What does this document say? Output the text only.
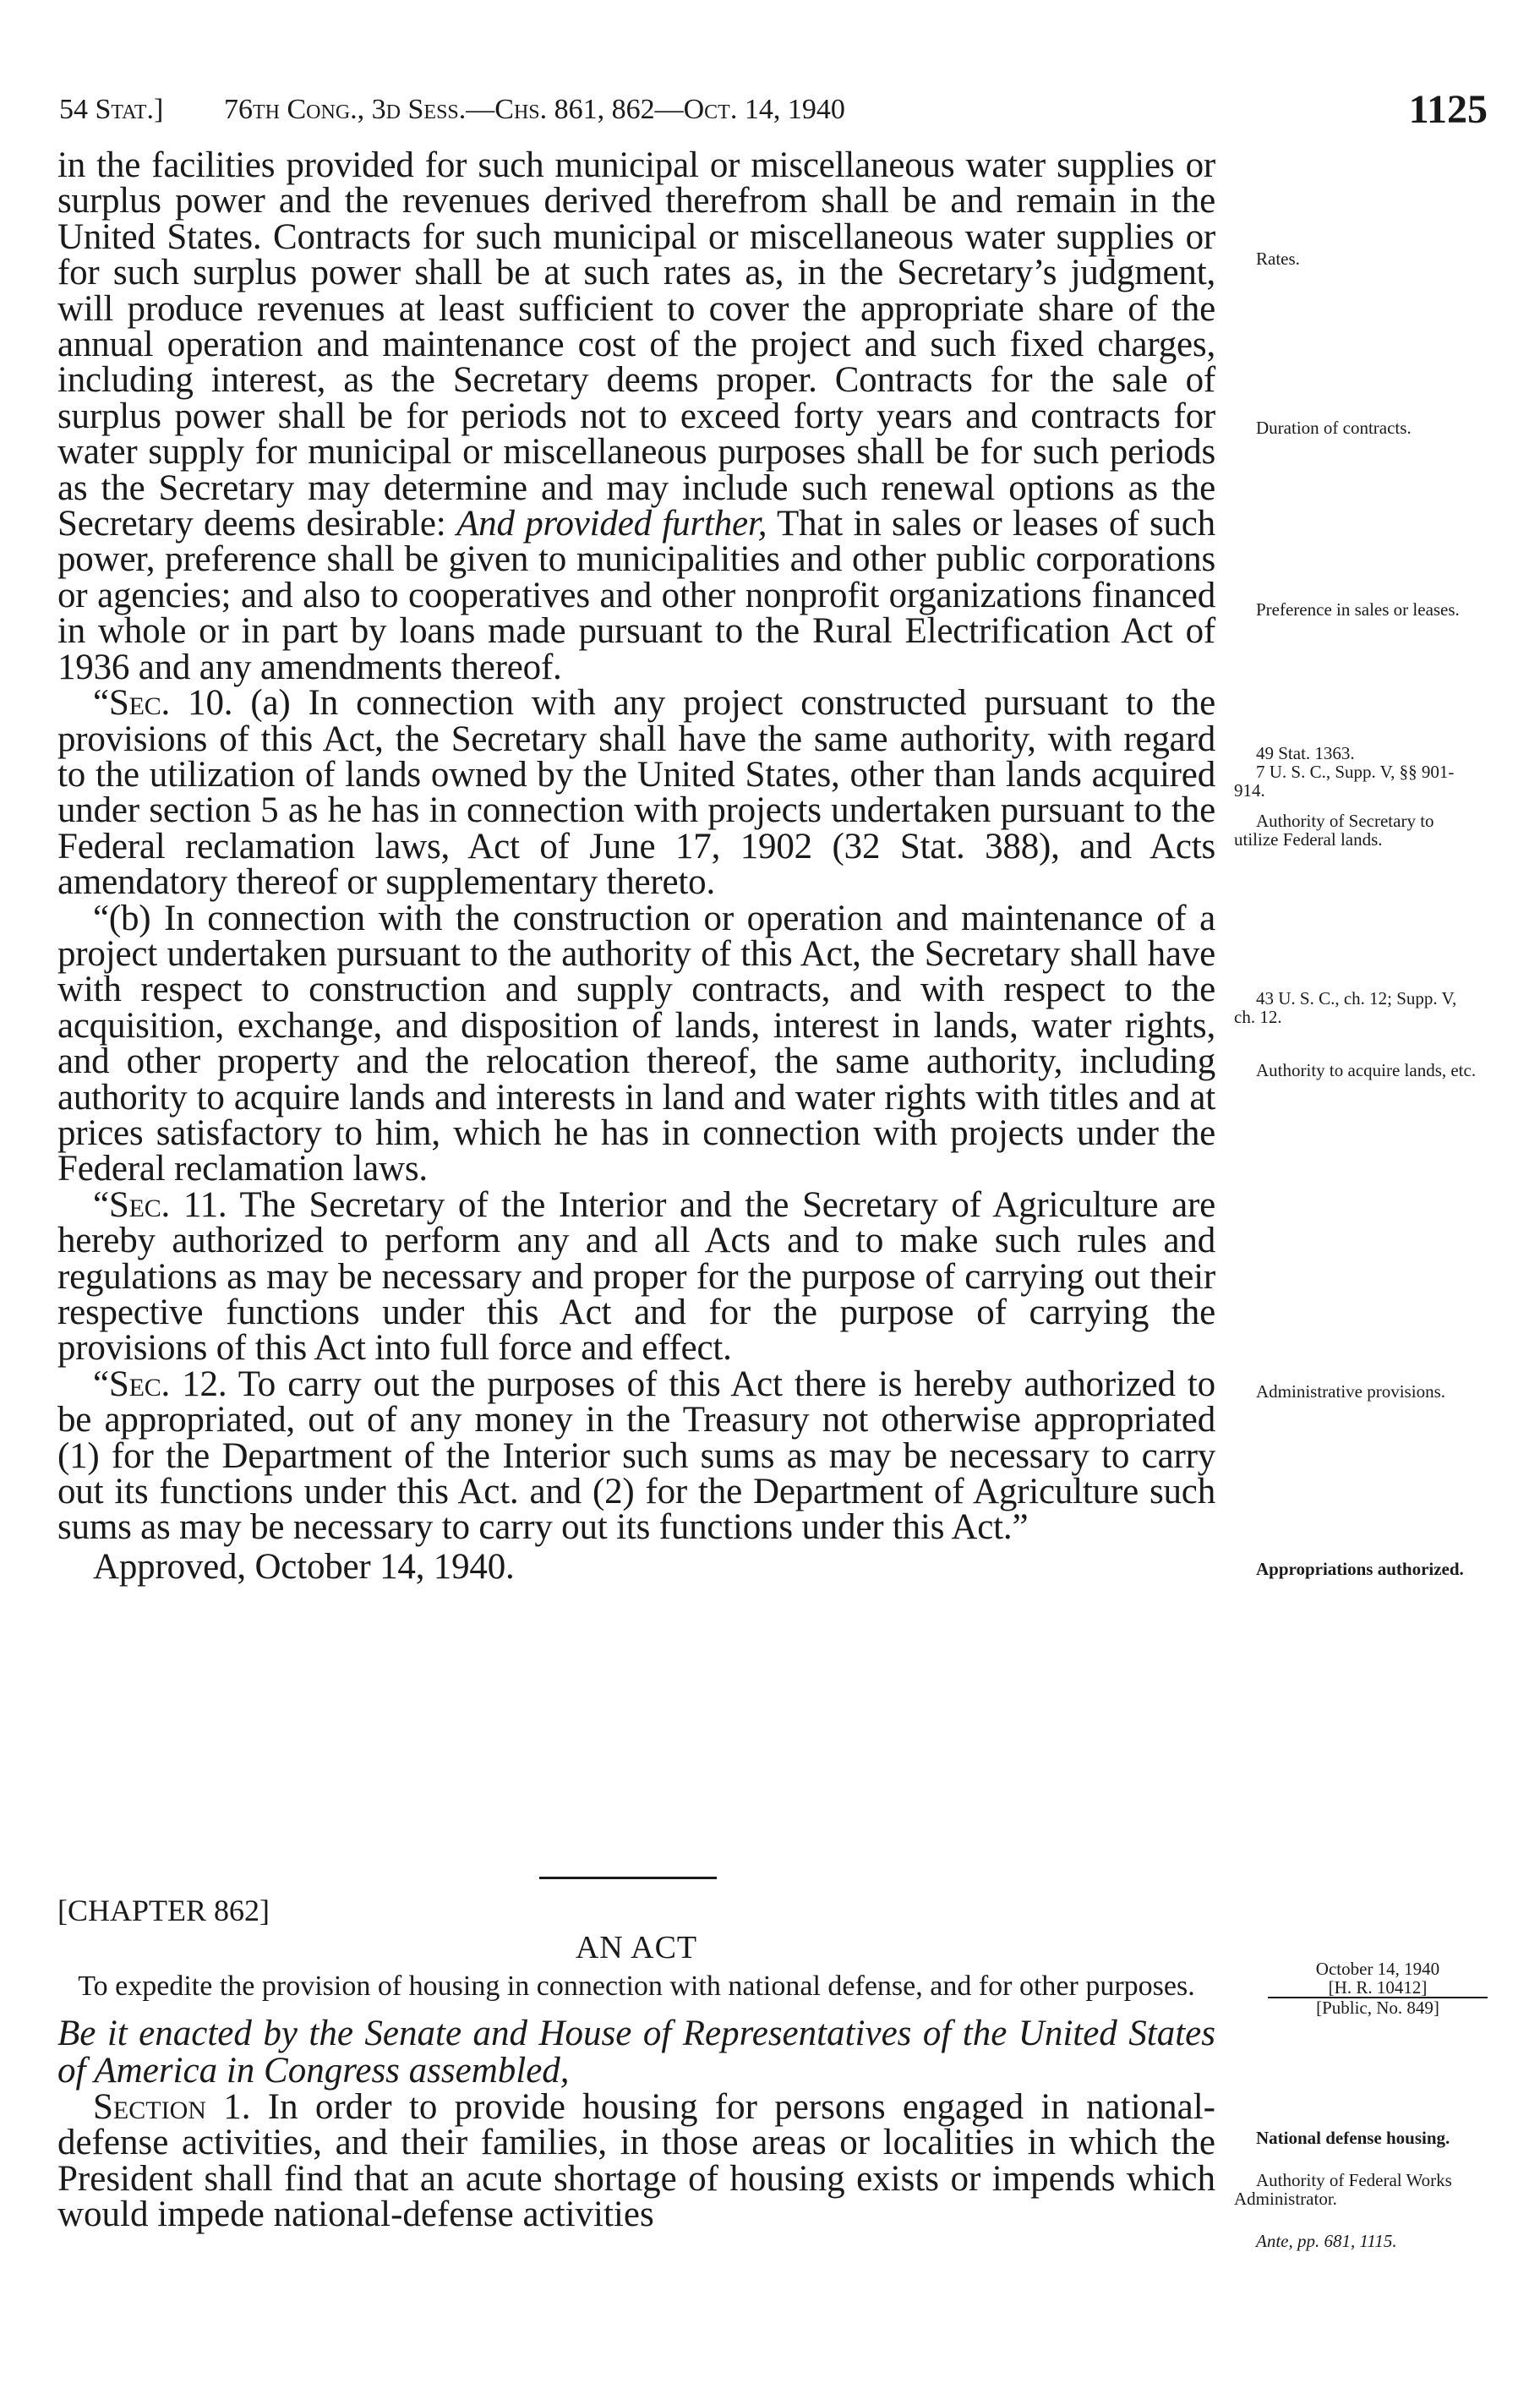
54 Stat.] 76th Cong., 3d Sess.—Chs. 861, 862—Oct. 14, 1940	1125

in the facilities provided for such municipal or miscellaneous water supplies or surplus power and the revenues derived therefrom shall be and remain in the United States. Contracts for such municipal or miscellaneous water supplies or for such surplus power shall be at such rates as, in the Secretary’s judgment, will produce revenues at least sufficient to cover the appropriate share of the annual operation and maintenance cost of the project and such fixed charges, including interest, as the Secretary deems proper. Contracts for the sale of surplus power shall be for periods not to exceed forty years and contracts for water supply for municipal or miscellaneous purposes shall be for such periods as the Secretary may determine and may include such renewal options as the Secretary deems desirable: And provided further, That in sales or leases of such power, preference shall be given to municipalities and other public corporations or agencies; and also to cooperatives and other nonprofit organizations financed in whole or in part by loans made pursuant to the Rural Electrification Act of 1936 and any amendments thereof.

“Sec. 10. (a) In connection with any project constructed pursuant to the provisions of this Act, the Secretary shall have the same authority, with regard to the utilization of lands owned by the United States, other than lands acquired under section 5 as he has in connection with projects undertaken pursuant to the Federal reclamation laws, Act of June 17, 1902 (32 Stat. 388), and Acts amendatory thereof or supplementary thereto.

“(b) In connection with the construction or operation and maintenance of a project undertaken pursuant to the authority of this Act, the Secretary shall have with respect to construction and supply contracts, and with respect to the acquisition, exchange, and disposition of lands, interest in lands, water rights, and other property and the relocation thereof, the same authority, including authority to acquire lands and interests in land and water rights with titles and at prices satisfactory to him, which he has in connection with projects under the Federal reclamation laws.

“Sec. 11. The Secretary of the Interior and the Secretary of Agriculture are hereby authorized to perform any and all Acts and to make such rules and regulations as may be necessary and proper for the purpose of carrying out their respective functions under this Act and for the purpose of carrying the provisions of this Act into full force and effect.

“Sec. 12. To carry out the purposes of this Act there is hereby authorized to be appropriated, out of any money in the Treasury not otherwise appropriated (1) for the Department of the Interior such sums as may be necessary to carry out its functions under this Act. and (2) for the Department of Agriculture such sums as may be necessary to carry out its functions under this Act.”

Approved, October 14, 1940.

[CHAPTER 862]

AN ACT

To expedite the provision of housing in connection with national defense, and for other purposes.

Be it enacted by the Senate and House of Representatives of the United States of America in Congress assembled,

Section 1. In order to provide housing for persons engaged in national-defense activities, and their families, in those areas or localities in which the President shall find that an acute shortage of housing exists or impends which would impede national-defense activities

Rates.
Duration of contracts.
Preference in sales or leases.
49 Stat. 1363.
7 U. S. C., Supp. V, §§ 901-914.
Authority of Secretary to utilize Federal lands.
43 U. S. C., ch. 12; Supp. V, ch. 12.
Authority to acquire lands, etc.
Administrative provisions.
Appropriations authorized.
October 14, 1940
[H. R. 10412]
[Public, No. 849]
National defense housing.
Authority of Federal Works Administrator.
Ante, pp. 681, 1115.
